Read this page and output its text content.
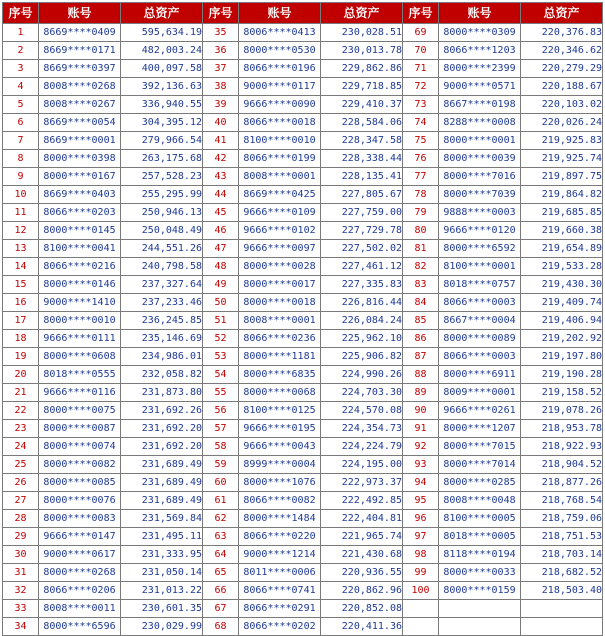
序号	账号	总资产	序号	账号	总资产	序号	账号	总资产
1	8669****0409	595,634.19	35	8006****0413	230,028.51	69	8000****0309	220,376.83
2	8669****0171	482,003.24	36	8000****0530	230,013.78	70	8066****1203	220,346.62
3	8669****0397	400,097.58	37	8066****0196	229,862.86	71	8000****2399	220,279.29
4	8008****0268	392,136.63	38	9000****0117	229,718.85	72	9000****0571	220,188.67
5	8008****0267	336,940.55	39	9666****0090	229,410.37	73	8667****0198	220,103.02
6	8669****0054	304,395.12	40	8066****0018	228,584.06	74	8288****0008	220,026.24
7	8669****0001	279,966.54	41	8100****0010	228,347.58	75	8000****0001	219,925.83
8	8000****0398	263,175.68	42	8066****0199	228,338.44	76	8000****0039	219,925.74
9	8000****0167	257,528.23	43	8008****0001	228,135.41	77	8000****7016	219,897.75
10	8669****0403	255,295.99	44	8669****0425	227,805.67	78	8000****7039	219,864.82
11	8066****0203	250,946.13	45	9666****0109	227,759.00	79	9888****0003	219,685.85
12	8000****0145	250,048.49	46	9666****0102	227,729.78	80	9666****0120	219,660.38
13	8100****0041	244,551.26	47	9666****0097	227,502.02	81	8000****6592	219,654.89
14	8066****0216	240,798.58	48	8000****0028	227,461.12	82	8100****0001	219,533.28
15	8000****0146	237,327.64	49	8000****0017	227,335.83	83	8018****0757	219,430.30
16	9000****1410	237,233.46	50	8000****0018	226,816.44	84	8066****0003	219,409.74
17	8000****0010	236,245.85	51	8008****0001	226,084.24	85	8667****0004	219,406.94
18	9666****0111	235,146.69	52	8066****0236	225,962.10	86	8000****0089	219,202.92
19	8000****0608	234,986.01	53	8000****1181	225,906.82	87	8066****0003	219,197.80
20	8018****0555	232,058.82	54	8000****6835	224,990.26	88	8000****6911	219,190.28
21	9666****0116	231,873.80	55	8000****0068	224,703.30	89	8009****0001	219,158.52
22	8000****0075	231,692.26	56	8100****0125	224,570.08	90	9666****0261	219,078.26
23	8000****0087	231,692.20	57	9666****0195	224,354.73	91	8000****1207	218,953.78
24	8000****0074	231,692.20	58	9666****0043	224,224.79	92	8000****7015	218,922.93
25	8000****0082	231,689.49	59	8999****0004	224,195.00	93	8000****7014	218,904.52
26	8000****0085	231,689.49	60	8000****1076	222,973.37	94	8000****0285	218,877.26
27	8000****0076	231,689.49	61	8066****0082	222,492.85	95	8008****0048	218,768.54
28	8000****0083	231,569.84	62	8000****1484	222,404.81	96	8100****0005	218,759.06
29	9666****0147	231,495.11	63	8066****0220	221,965.74	97	8018****0005	218,751.53
30	9000****0617	231,333.95	64	9000****1214	221,430.68	98	8118****0194	218,703.14
31	8000****0268	231,050.14	65	8011****0006	220,936.55	99	8000****0033	218,682.52
32	8066****0206	231,013.22	66	8066****0741	220,862.96	100	8000****0159	218,503.40
33	8008****0011	230,601.35	67	8066****0291	220,852.08			
34	8000****6596	230,029.99	68	8066****0202	220,411.36			
